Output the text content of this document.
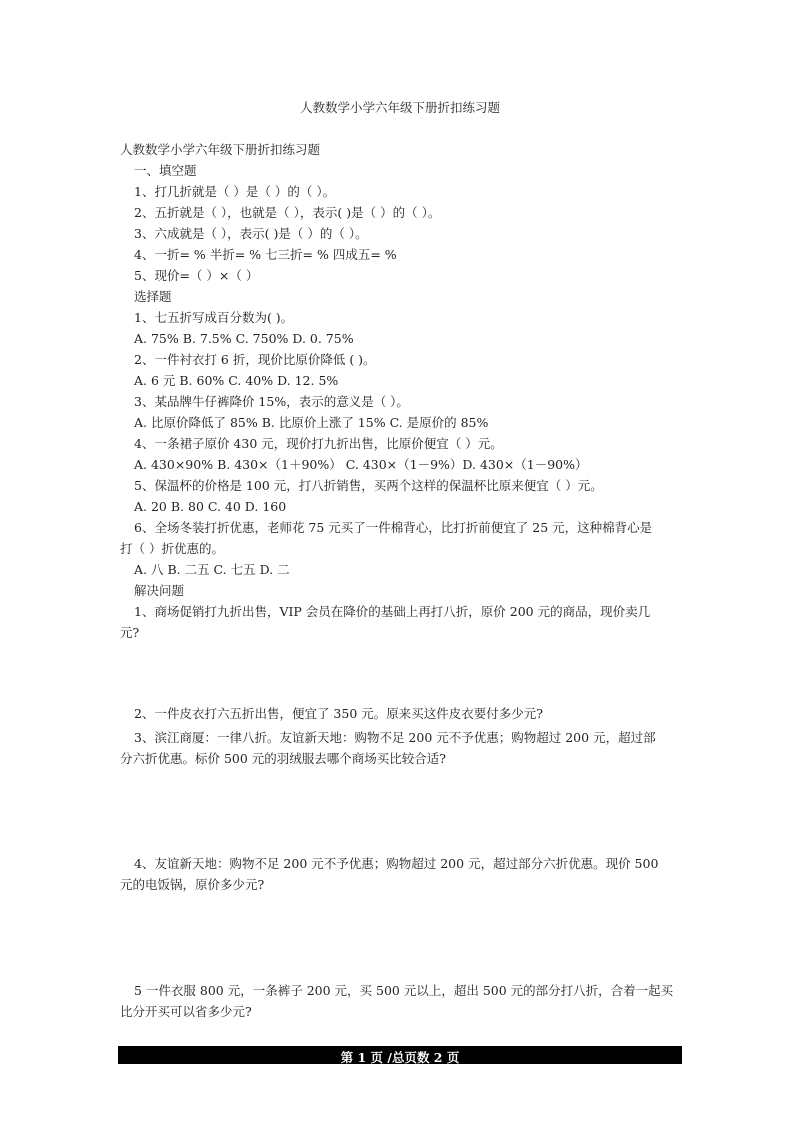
人教数学小学六年级下册折扣练习题
人教数学小学六年级下册折扣练习题
一、填空题
1、打几折就是（ ）是（ ）的（ ）。
2、五折就是（ ），也就是（ ），表示( )是（ ）的（ ）。
3、六成就是（ ），表示( )是（ ）的（ ）。
4、一折= % 半折= % 七三折= % 四成五= %
5、现价=（ ）×（ ）
选择题
1、七五折写成百分数为( )。
A. 75% B. 7.5% C. 750% D. 0. 75%
2、一件衬衣打 6 折，现价比原价降低 ( )。
A. 6 元 B. 60% C. 40% D. 12. 5%
3、某品牌牛仔裤降价 15%，表示的意义是（ ）。
A. 比原价降低了 85% B. 比原价上涨了 15% C. 是原价的 85%
4、一条裙子原价 430 元，现价打九折出售，比原价便宜（ ）元。
A. 430×90% B. 430×（1＋90%） C. 430×（1－9%）D. 430×（1－90%）
5、保温杯的价格是 100 元，打八折销售，买两个这样的保温杯比原来便宜（ ）元。
A. 20 B. 80 C. 40 D. 160
6、全场冬装打折优惠，老师花 75 元买了一件棉背心，比打折前便宜了 25 元，这种棉背心是
打（ ）折优惠的。
A. 八 B. 二五 C. 七五 D. 二
解决问题
1、商场促销打九折出售，VIP 会员在降价的基础上再打八折，原价 200 元的商品，现价卖几
元?
2、一件皮衣打六五折出售，便宜了 350 元。原来买这件皮衣要付多少元?
3、滨江商厦：一律八折。友谊新天地：购物不足 200 元不予优惠；购物超过 200 元，超过部
分六折优惠。标价 500 元的羽绒服去哪个商场买比较合适?
4、友谊新天地：购物不足 200 元不予优惠；购物超过 200 元，超过部分六折优惠。现价 500
元的电饭锅，原价多少元?
5 一件衣服 800 元，一条裤子 200 元，买 500 元以上，超出 500 元的部分打八折，合着一起买
比分开买可以省多少元?
第 1 页 /总页数 2 页
